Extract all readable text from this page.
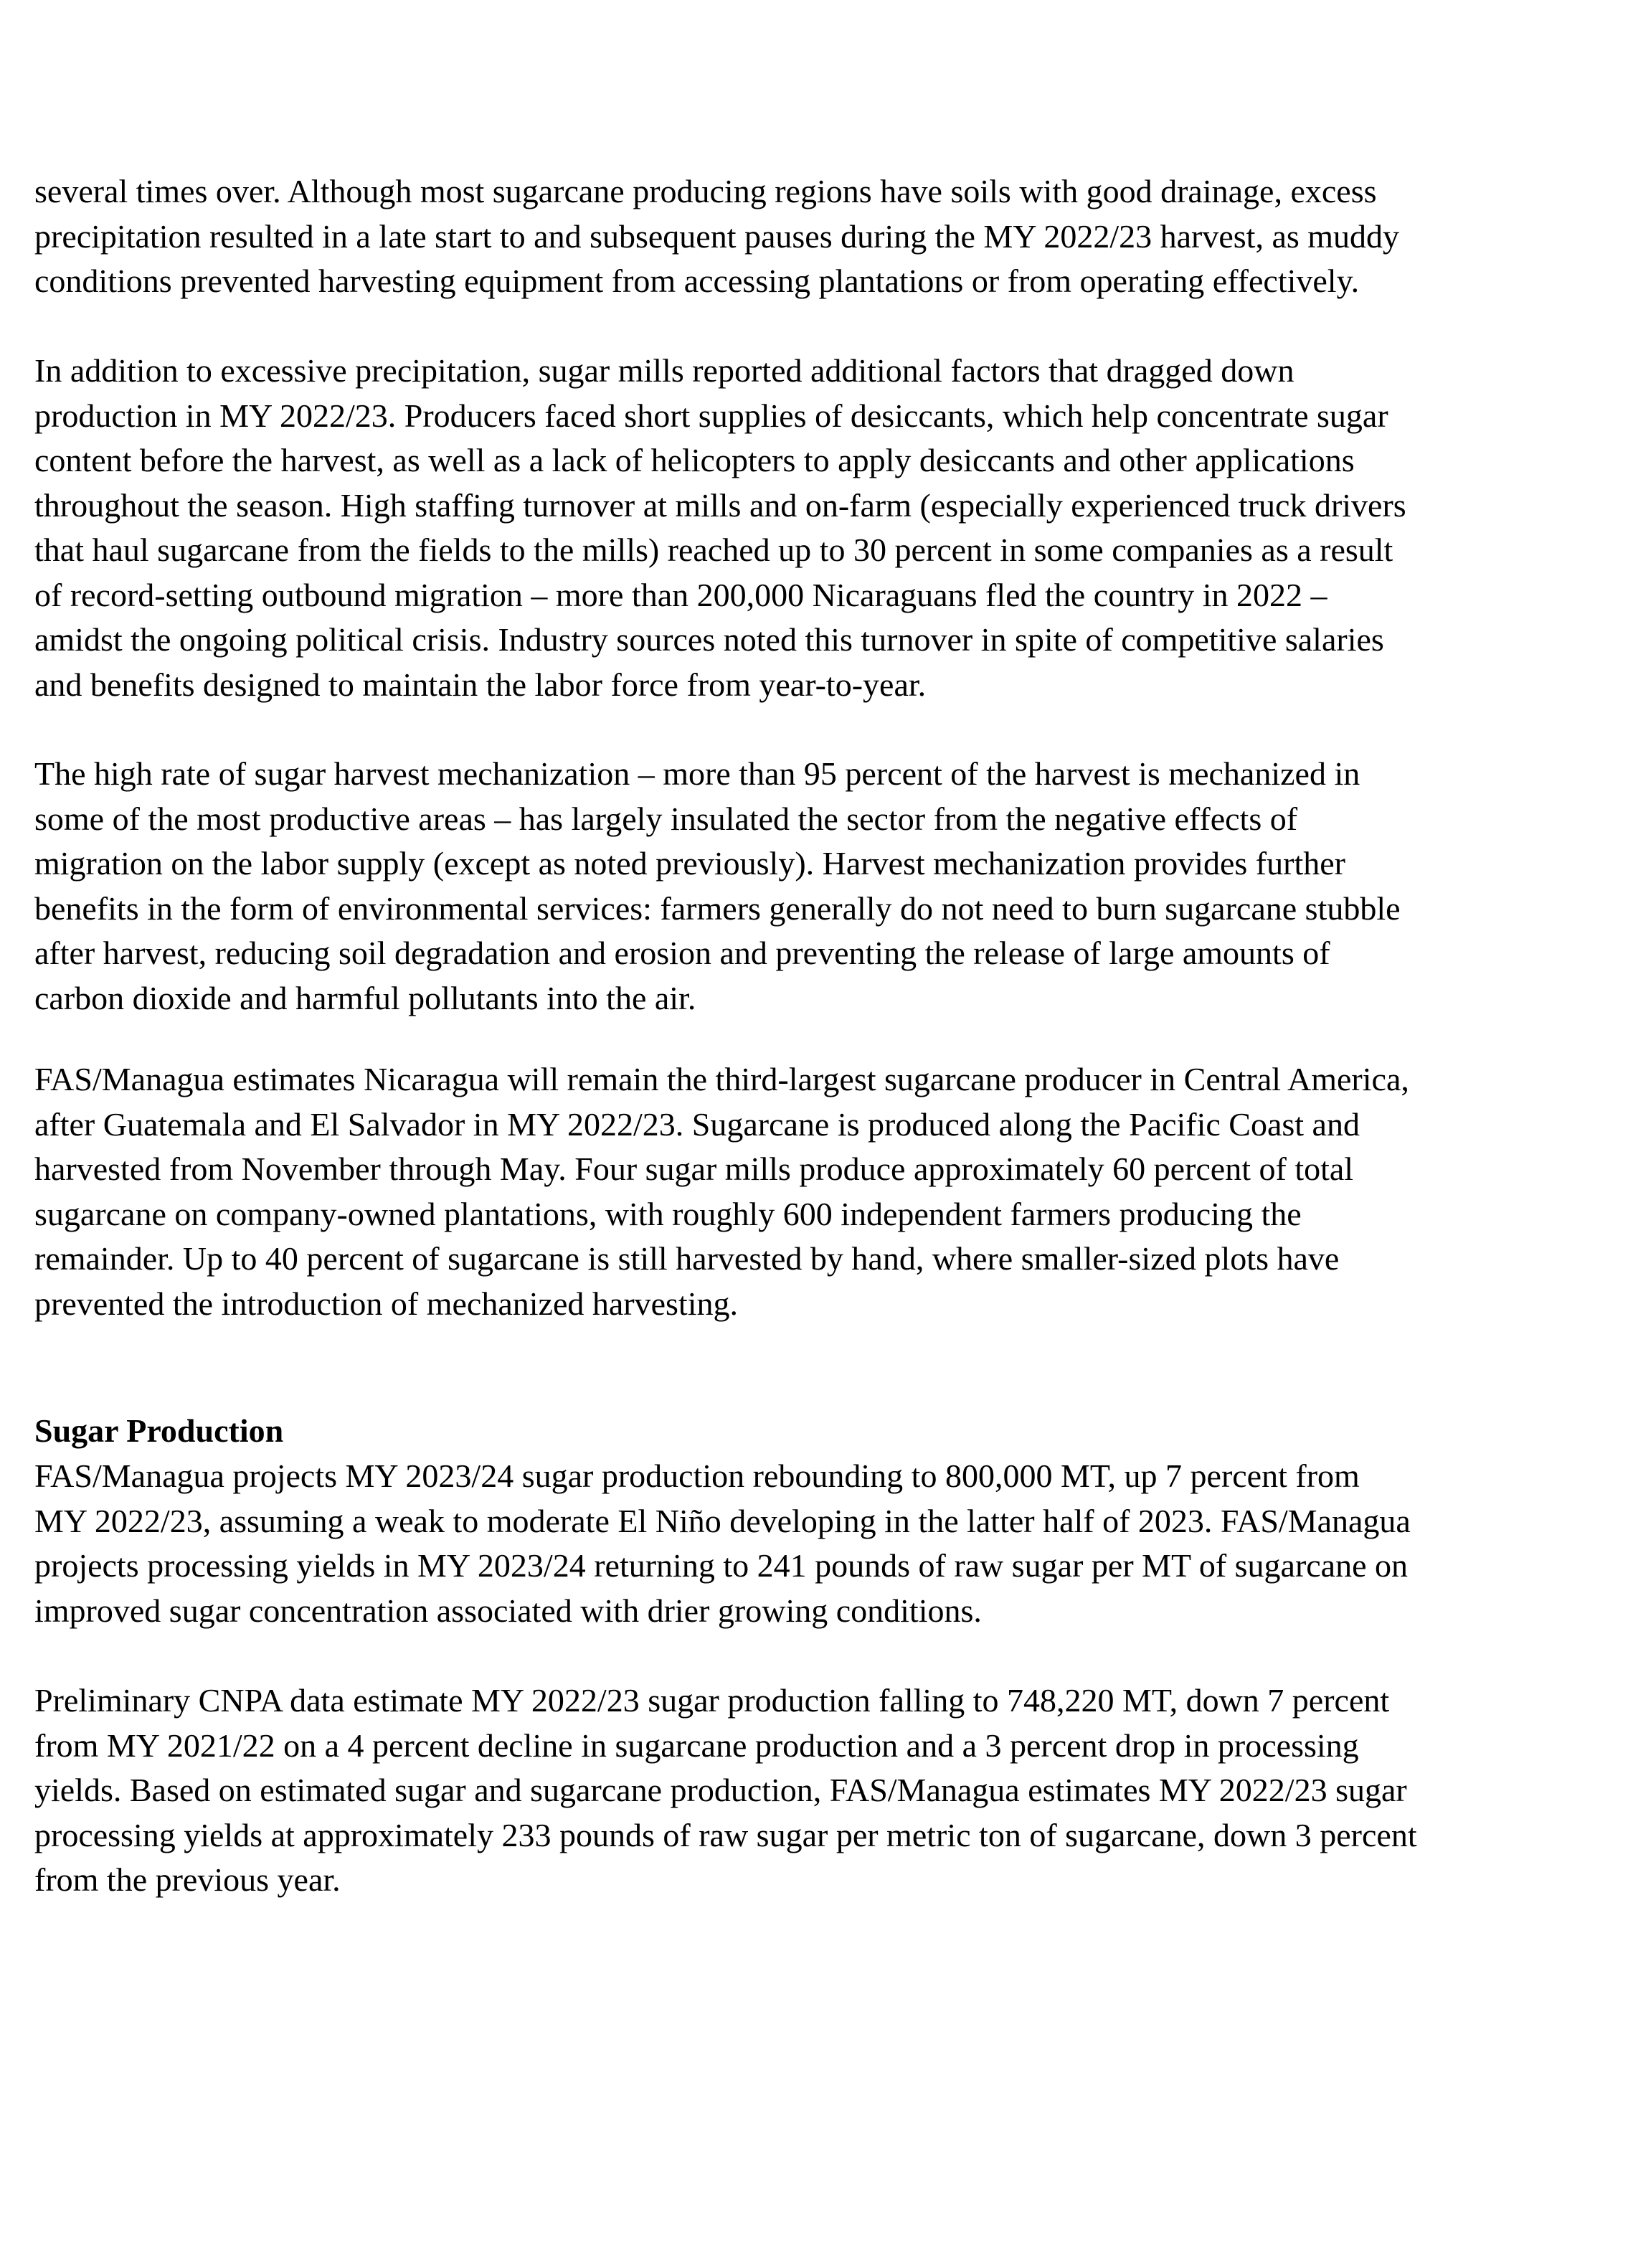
several times over. Although most sugarcane producing regions have soils with good drainage, excess

precipitation resulted in a late start to and subsequent pauses during the MY 2022/23 harvest, as muddy

conditions prevented harvesting equipment from accessing plantations or from operating effectively.

In addition to excessive precipitation, sugar mills reported additional factors that dragged down

production in MY 2022/23. Producers faced short supplies of desiccants, which help concentrate sugar

content before the harvest, as well as a lack of helicopters to apply desiccants and other applications

throughout the season. High staffing turnover at mills and on-farm (especially experienced truck drivers

that haul sugarcane from the fields to the mills) reached up to 30 percent in some companies as a result

of record-setting outbound migration – more than 200,000 Nicaraguans fled the country in 2022 –

amidst the ongoing political crisis. Industry sources noted this turnover in spite of competitive salaries

and benefits designed to maintain the labor force from year-to-year.

The high rate of sugar harvest mechanization – more than 95 percent of the harvest is mechanized in

some of the most productive areas – has largely insulated the sector from the negative effects of

migration on the labor supply (except as noted previously). Harvest mechanization provides further

benefits in the form of environmental services: farmers generally do not need to burn sugarcane stubble

after harvest, reducing soil degradation and erosion and preventing the release of large amounts of

carbon dioxide and harmful pollutants into the air.

FAS/Managua estimates Nicaragua will remain the third-largest sugarcane producer in Central America,

after Guatemala and El Salvador in MY 2022/23. Sugarcane is produced along the Pacific Coast and

harvested from November through May. Four sugar mills produce approximately 60 percent of total

sugarcane on company-owned plantations, with roughly 600 independent farmers producing the

remainder. Up to 40 percent of sugarcane is still harvested by hand, where smaller-sized plots have

prevented the introduction of mechanized harvesting.

Sugar Production

FAS/Managua projects MY 2023/24 sugar production rebounding to 800,000 MT, up 7 percent from

MY 2022/23, assuming a weak to moderate El Niño developing in the latter half of 2023. FAS/Managua

projects processing yields in MY 2023/24 returning to 241 pounds of raw sugar per MT of sugarcane on

improved sugar concentration associated with drier growing conditions.

Preliminary CNPA data estimate MY 2022/23 sugar production falling to 748,220 MT, down 7 percent

from MY 2021/22 on a 4 percent decline in sugarcane production and a 3 percent drop in processing

yields. Based on estimated sugar and sugarcane production, FAS/Managua estimates MY 2022/23 sugar

processing yields at approximately 233 pounds of raw sugar per metric ton of sugarcane, down 3 percent

from the previous year.
